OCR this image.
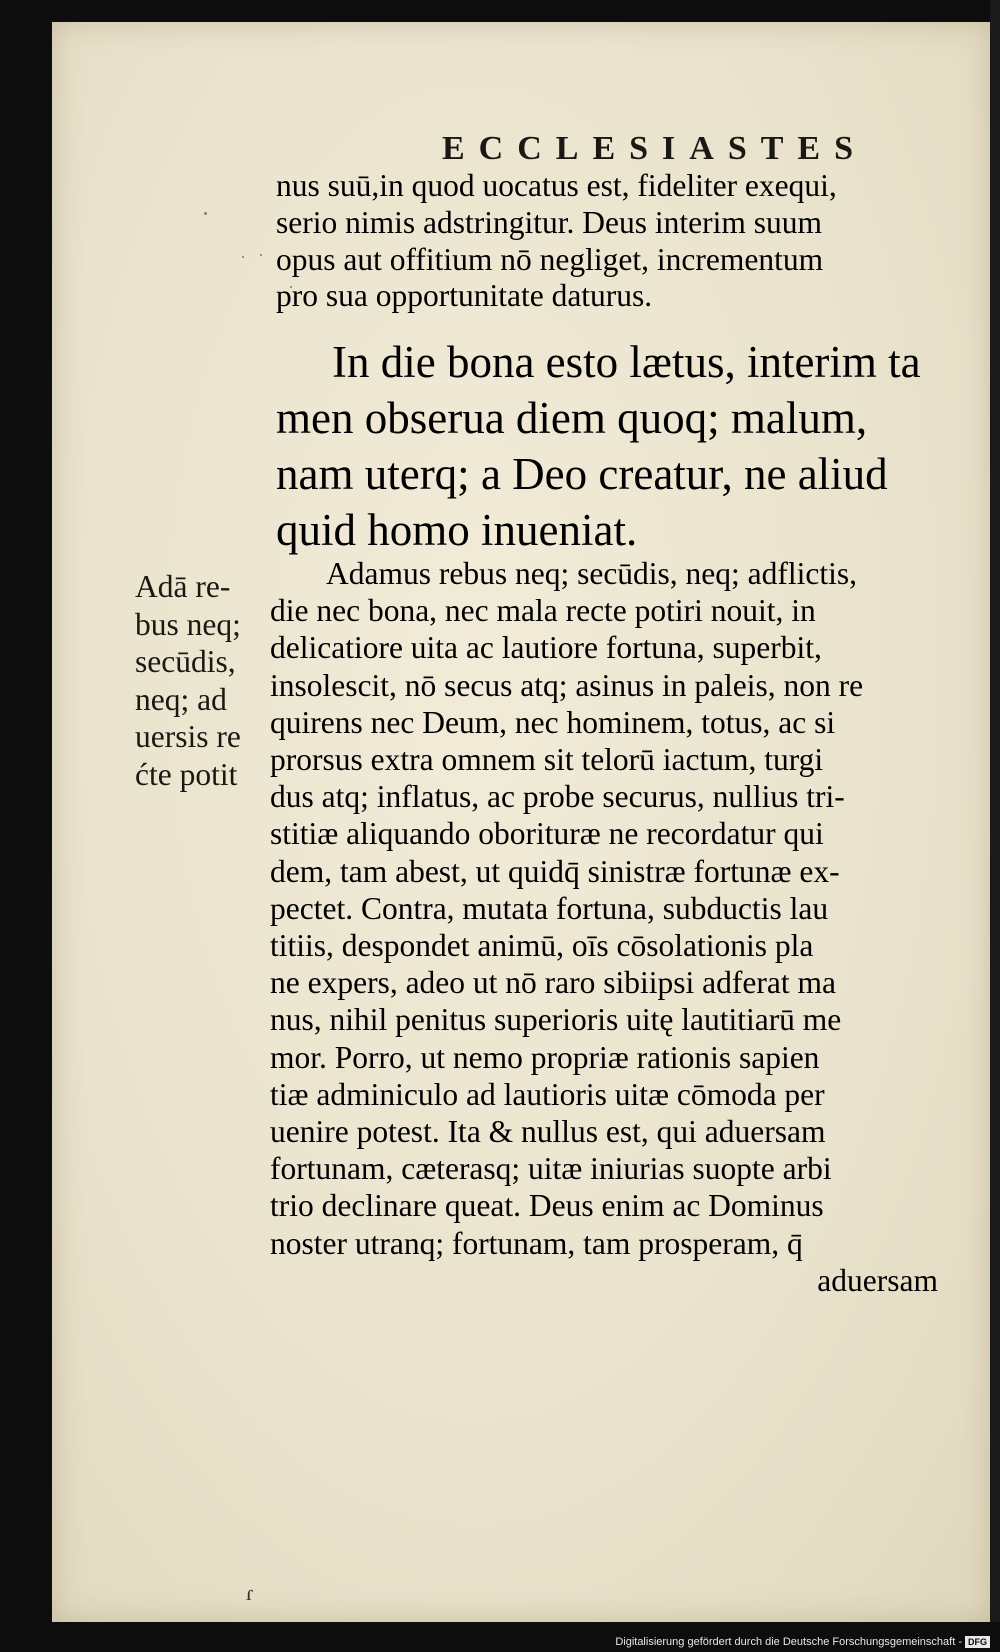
ECCLESIASTES
nus suū,in quod uocatus est, fideliter exequi,
serio nimis adstringitur. Deus interim suum
opus aut offitium nō negliget, incrementum
pro sua opportunitate daturus.
In die bona esto lætus, interim ta
men obserua diem quoq; malum,
nam uterq; a Deo creatur, ne aliud
quid homo inueniat.
Adā re-
bus neq;
secūdis,
neq; ad
uersis re
ćte potit
Adamus rebus neq; secūdis, neq; adflictis,
die nec bona, nec mala recte potiri nouit, in
delicatiore uita ac lautiore fortuna, superbit,
insolescit, nō secus atq; asinus in paleis, non re
quirens nec Deum, nec hominem, totus, ac si
prorsus extra omnem sit telorū iactum, turgi
dus atq; inflatus, ac probe securus, nullius tri-
stitiæ aliquando oborituræ ne recordatur qui
dem, tam abest, ut quidq̄ sinistræ fortunæ ex-
pectet. Contra, mutata fortuna, subductis lau
titiis, despondet animū, oīs cōsolationis pla
ne expers, adeo ut nō raro sibiipsi adferat ma
nus, nihil penitus superioris uitę lautitiarū me
mor. Porro, ut nemo propriæ rationis sapien
tiæ adminiculo ad lautioris uitæ cōmoda per
uenire potest. Ita & nullus est, qui aduersam
fortunam, cæterasq; uitæ iniurias suopte arbi
trio declinare queat. Deus enim ac Dominus
noster utranq; fortunam, tam prosperam, q̄
aduersam
ɾ
Digitalisierung gefördert durch die Deutsche Forschungsgemeinschaft - DFG
